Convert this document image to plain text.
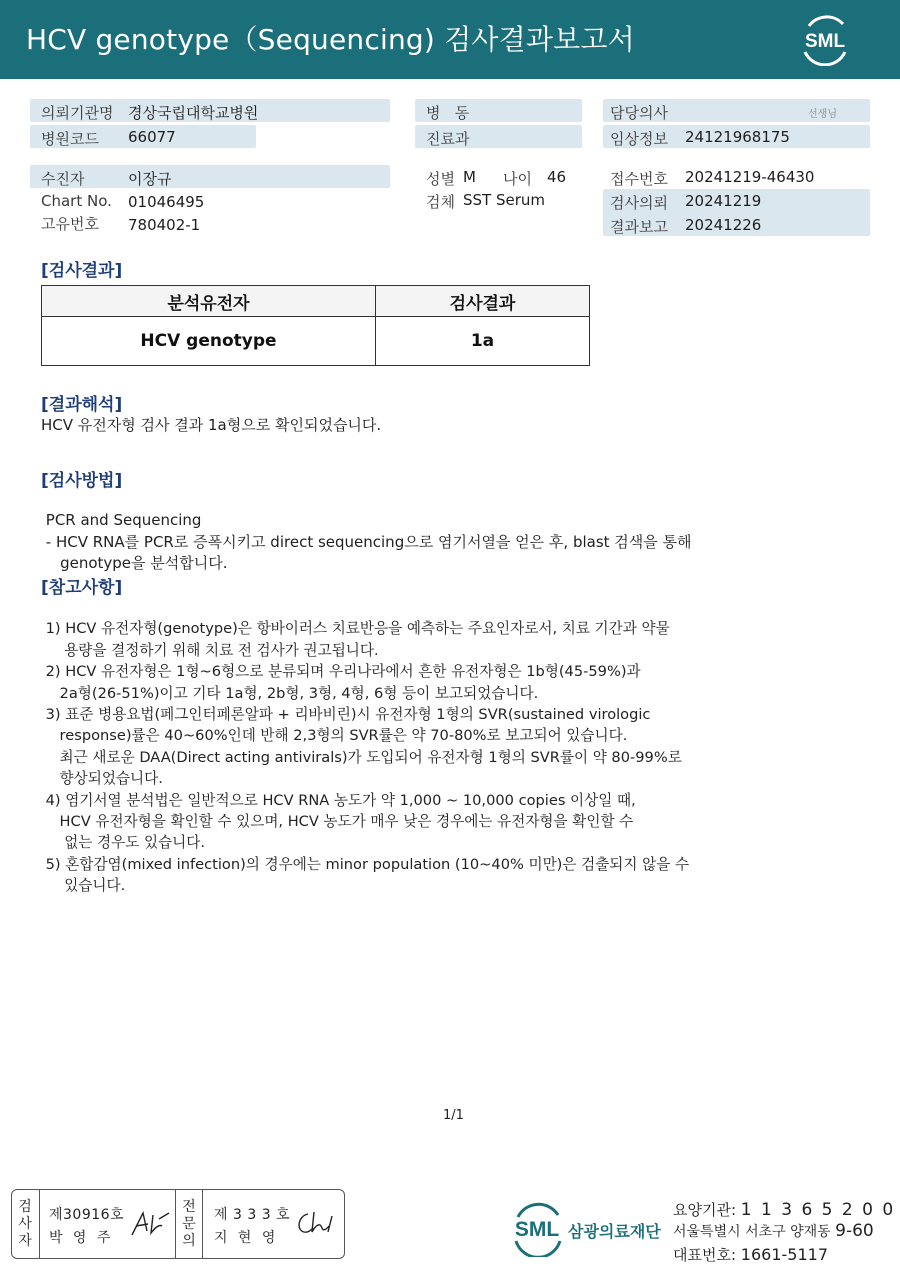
HCV genotype（Sequencing) 검사결과보고서	SML
의뢰기관명 경상국립대학교병원
병원코드 66077
수진자	이장규
Chart No. 01046495
고유번호 780402-1
병   동
진료과
성별 M 나이 46
검체 SST Serum
담당의사	선생님
임상정보 24121968175
접수번호 20241219-46430
검사의뢰 20241219
결과보고 20241226
[검사결과]
분석유전자	검사결과
HCV genotype	1a
[결과해석]
HCV 유전자형 검사 결과 1a형으로 확인되었습니다.
[검사방법]

PCR and Sequencing
- HCV RNA를 PCR로 증폭시키고 direct sequencing으로 염기서열을 얻은 후, blast 검색을 통해
genotype을 분석합니다.
[참고사항]

1) HCV 유전자형(genotype)은 항바이러스 치료반응을 예측하는 주요인자로서, 치료 기간과 약물
용량을 결정하기 위해 치료 전 검사가 권고됩니다.
2) HCV 유전자형은 1형~6형으로 분류되며 우리나라에서 흔한 유전자형은 1b형(45-59%)과
2a형(26-51%)이고 기타 1a형, 2b형, 3형, 4형, 6형 등이 보고되었습니다.
3) 표준 병용요법(페그인터페론알파 + 리바비린)시 유전자형 1형의 SVR(sustained virologic
response)률은 40~60%인데 반해 2,3형의 SVR률은 약 70-80%로 보고되어 있습니다.
최근 새로운 DAA(Direct acting antivirals)가 도입되어 유전자형 1형의 SVR률이 약 80-99%로
향상되었습니다.
4) 염기서열 분석법은 일반적으로 HCV RNA 농도가 약 1,000 ~ 10,000 copies 이상일 때,
HCV 유전자형을 확인할 수 있으며, HCV 농도가 매우 낮은 경우에는 유전자형을 확인할 수
없는 경우도 있습니다.
5) 혼합감염(mixed infection)의 경우에는 minor population (10~40% 미만)은 검출되지 않을 수
있습니다.
1/1
검
사
자
제30916호
박  영  주
전
문
의
제 3 3 3 호
지  현  영	SML 삼광의료재단
요양기관: 1 1 3 6 5 2 0 0
서울특별시 서초구 양재동 9-60
대표번호: 1661-5117
